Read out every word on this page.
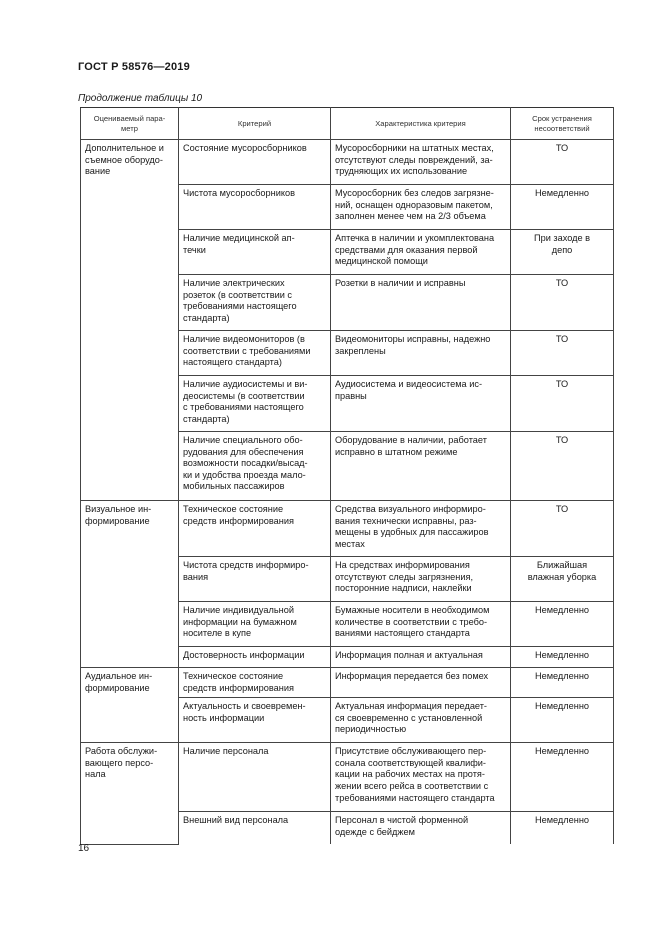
ГОСТ Р 58576—2019
Продолжение таблицы 10
Оцениваемый пара-
метр	Критерий	Характеристика критерия	Срок устранения
несоответствий
Дополнительное и
съемное оборудо-
вание	Состояние мусоросборников	Мусоросборники на штатных местах,
отсутствуют следы повреждений, за-
трудняющих их использование	ТО
	Чистота мусоросборников	Мусоросборник без следов загрязне-
ний, оснащен одноразовым пакетом,
заполнен менее чем на 2/3 объема	Немедленно
	Наличие медицинской ап-
течки	Аптечка в наличии и укомплектована
средствами для оказания первой
медицинской помощи	При заходе в
депо
	Наличие электрических
розеток (в соответствии с
требованиями настоящего
стандарта)	Розетки в наличии и исправны	ТО
	Наличие видеомониторов (в
соответствии с требованиями
настоящего стандарта)	Видеомониторы исправны, надежно
закреплены	ТО
	Наличие аудиосистемы и ви-
деосистемы (в соответствии
с требованиями настоящего
стандарта)	Аудиосистема и видеосистема ис-
правны	ТО
	Наличие специального обо-
рудования для обеспечения
возможности посадки/высад-
ки и удобства проезда мало-
мобильных пассажиров	Оборудование в наличии, работает
исправно в штатном режиме	ТО
Визуальное ин-
формирование	Техническое состояние
средств информирования	Средства визуального информиро-
вания технически исправны, раз-
мещены в удобных для пассажиров
местах	ТО
	Чистота средств информиро-
вания	На средствах информирования
отсутствуют следы загрязнения,
посторонние надписи, наклейки	Ближайшая
влажная уборка
	Наличие индивидуальной
информации на бумажном
носителе в купе	Бумажные носители в необходимом
количестве в соответствии с требо-
ваниями настоящего стандарта	Немедленно
	Достоверность информации	Информация полная и актуальная	Немедленно
Аудиальное ин-
формирование	Техническое состояние
средств информирования	Информация передается без помех	Немедленно
	Актуальность и своевремен-
ность информации	Актуальная информация передает-
ся своевременно с установленной
периодичностью	Немедленно
Работа обслужи-
вающего персо-
нала	Наличие персонала	Присутствие обслуживающего пер-
сонала соответствующей квалифи-
кации на рабочих местах на протя-
жении всего рейса в соответствии с
требованиями настоящего стандарта	Немедленно
	Внешний вид персонала	Персонал в чистой форменной
одежде с бейджем	Немедленно
16
